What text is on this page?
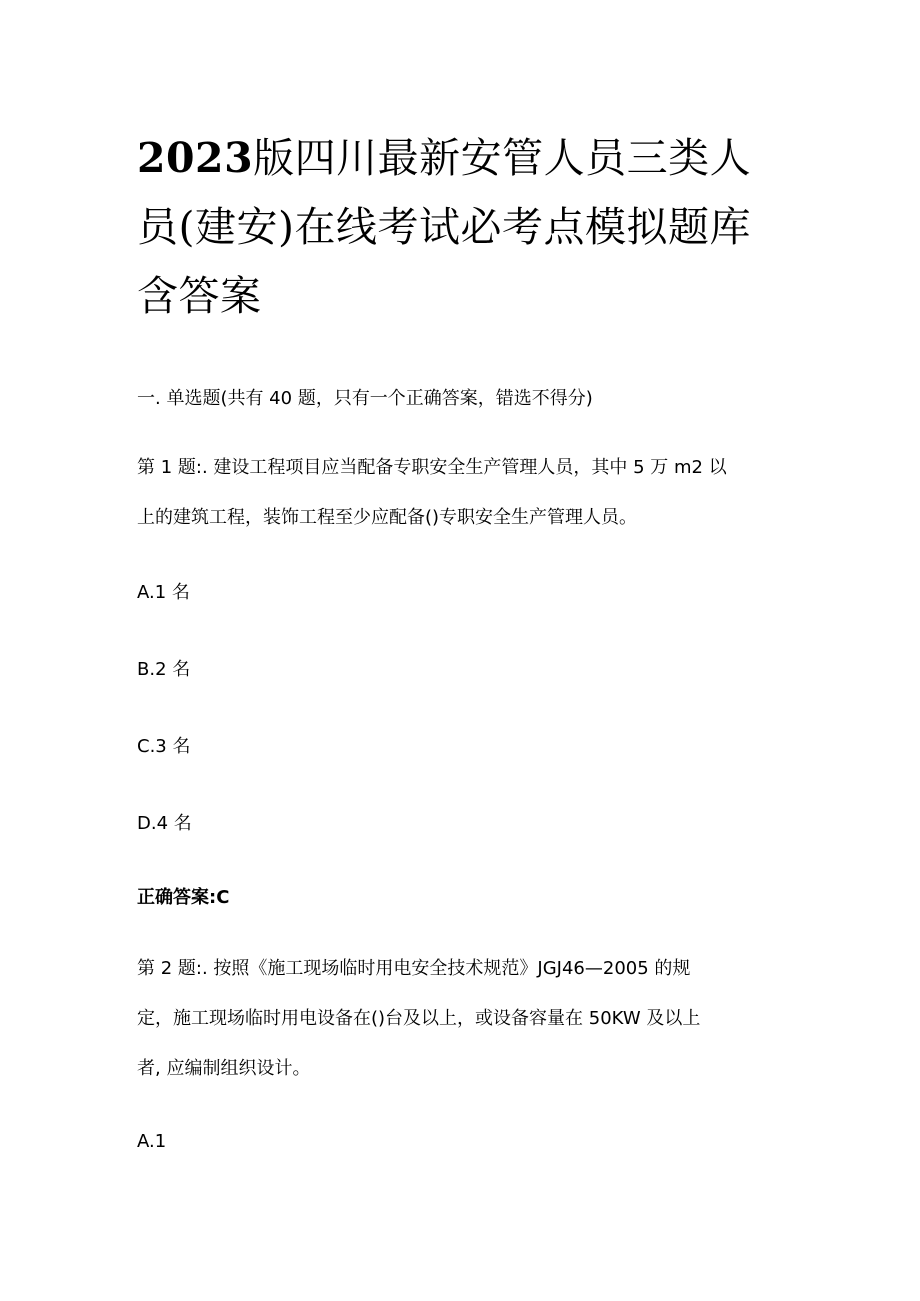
2023版四川最新安管人员三类人
员(建安)在线考试必考点模拟题库
含答案

一. 单选题(共有 40 题，只有一个正确答案，错选不得分)

第 1 题:. 建设工程项目应当配备专职安全生产管理人员，其中 5 万 m2 以
上的建筑工程，装饰工程至少应配备()专职安全生产管理人员。

A.1 名

B.2 名

C.3 名

D.4 名

正确答案:C

第 2 题:. 按照《施工现场临时用电安全技术规范》JGJ46—2005 的规
定，施工现场临时用电设备在()台及以上，或设备容量在 50KW 及以上
者, 应编制组织设计。

A.1
